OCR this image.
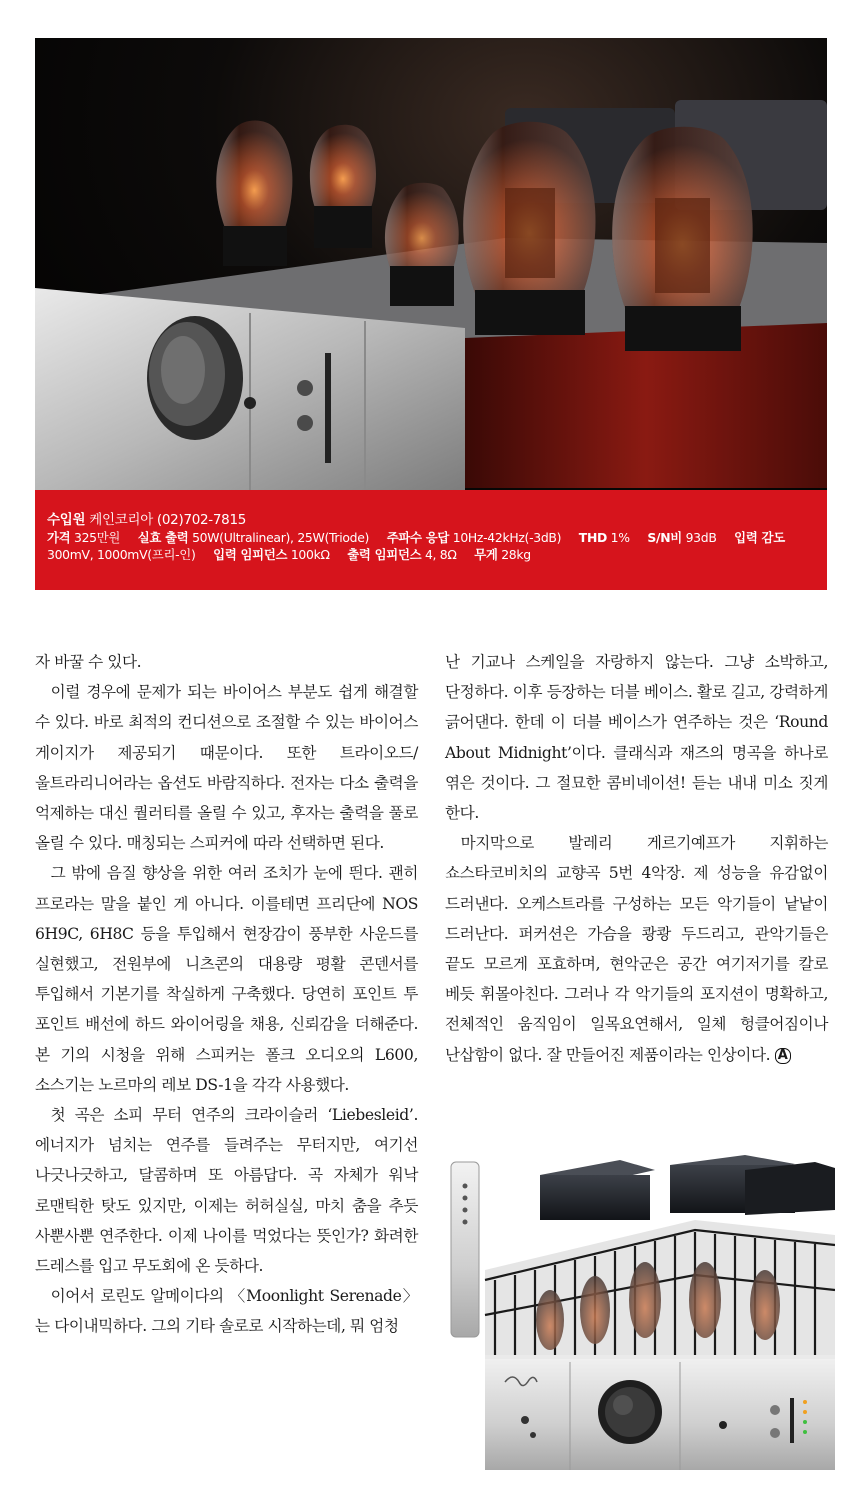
수입원 케인코리아 (02)702-7815
가격 325만원 실효 출력 50W(Ultralinear), 25W(Triode) 주파수 응답 10Hz-42kHz(-3dB) THD 1% S/N비 93dB 입력 감도 300mV, 1000mV(프리-인) 입력 임피던스 100kΩ 출력 임피던스 4, 8Ω 무게 28kg

자 바꿀 수 있다.

이럴 경우에 문제가 되는 바이어스 부분도 쉽게 해결할 수 있다. 바로 최적의 컨디션으로 조절할 수 있는 바이어스 게이지가 제공되기 때문이다. 또한 트라이오드/울트라리니어라는 옵션도 바람직하다. 전자는 다소 출력을 억제하는 대신 퀄러티를 올릴 수 있고, 후자는 출력을 풀로 올릴 수 있다. 매칭되는 스피커에 따라 선택하면 된다.

그 밖에 음질 향상을 위한 여러 조치가 눈에 띈다. 괜히 프로라는 말을 붙인 게 아니다. 이를테면 프리단에 NOS 6H9C, 6H8C 등을 투입해서 현장감이 풍부한 사운드를 실현했고, 전원부에 니츠콘의 대용량 평활 콘덴서를 투입해서 기본기를 착실하게 구축했다. 당연히 포인트 투 포인트 배선에 하드 와이어링을 채용, 신뢰감을 더해준다. 본 기의 시청을 위해 스피커는 폴크 오디오의 L600, 소스기는 노르마의 레보 DS-1을 각각 사용했다.

첫 곡은 소피 무터 연주의 크라이슬러 ‘Liebesleid’. 에너지가 넘치는 연주를 들려주는 무터지만, 여기선 나긋나긋하고, 달콤하며 또 아름답다. 곡 자체가 워낙 로맨틱한 탓도 있지만, 이제는 허허실실, 마치 춤을 추듯 사뿐사뿐 연주한다. 이제 나이를 먹었다는 뜻인가? 화려한 드레스를 입고 무도회에 온 듯하다.

이어서 로린도 알메이다의 〈Moonlight Serenade〉는 다이내믹하다. 그의 기타 솔로로 시작하는데, 뭐 엄청

난 기교나 스케일을 자랑하지 않는다. 그냥 소박하고, 단정하다. 이후 등장하는 더블 베이스. 활로 길고, 강력하게 긁어댄다. 한데 이 더블 베이스가 연주하는 것은 ‘Round About Midnight’이다. 클래식과 재즈의 명곡을 하나로 엮은 것이다. 그 절묘한 콤비네이션! 듣는 내내 미소 짓게 한다.

마지막으로 발레리 게르기예프가 지휘하는 쇼스타코비치의 교향곡 5번 4악장. 제 성능을 유감없이 드러낸다. 오케스트라를 구성하는 모든 악기들이 낱낱이 드러난다. 퍼커션은 가슴을 쾅쾅 두드리고, 관악기들은 끝도 모르게 포효하며, 현악군은 공간 여기저기를 칼로 베듯 휘몰아친다. 그러나 각 악기들의 포지션이 명확하고, 전체적인 움직임이 일목요연해서, 일체 헝클어짐이나 난삽함이 없다. 잘 만들어진 제품이라는 인상이다. A
